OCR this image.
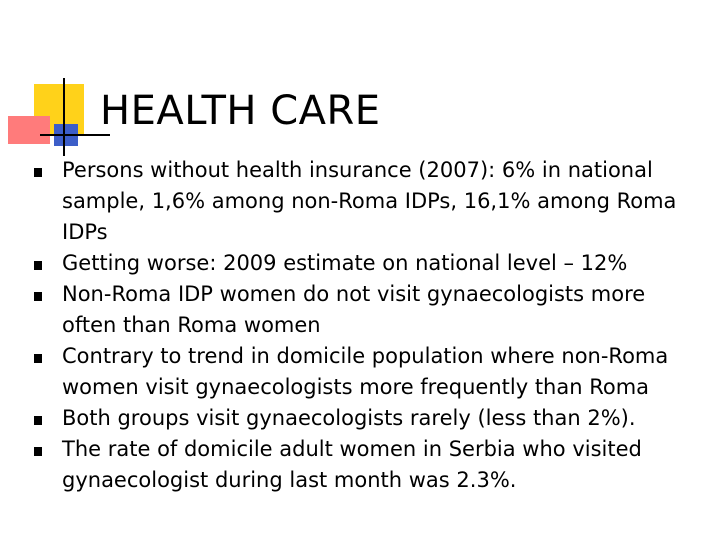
HEALTH CARE
Persons without health insurance (2007): 6% in national sample, 1,6% among non-Roma IDPs, 16,1% among Roma IDPs
Getting worse: 2009 estimate on national level – 12%
Non-Roma IDP women do not visit gynaecologists more often than Roma women
Contrary to trend in domicile population where non-Roma women visit gynaecologists more frequently than Roma
Both groups visit gynaecologists rarely (less than 2%).
The rate of domicile adult women in Serbia who visited gynaecologist during last month was 2.3%.
